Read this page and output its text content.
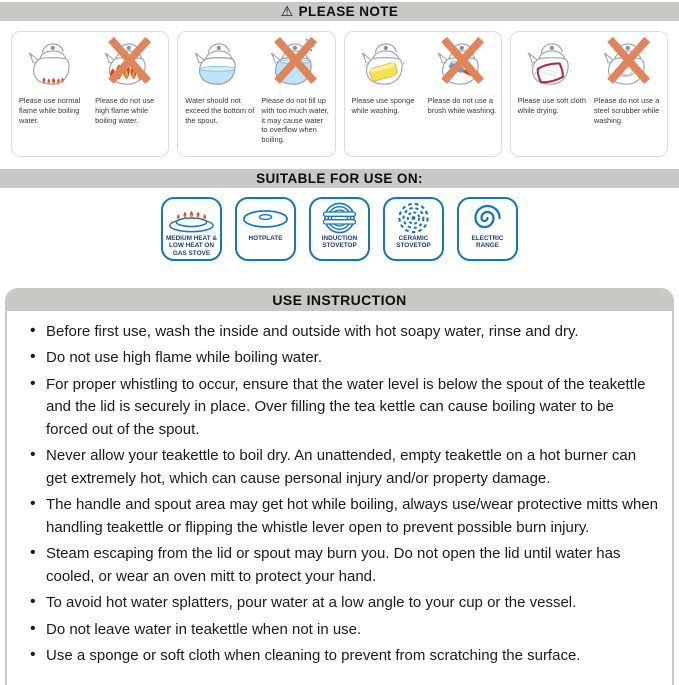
⚠ PLEASE NOTE

Please use normal flame while boiling water.

Please do not use high flame while boiling water.

Water should not exceed the bottom of the spout.

Please do not fill up with too much water, it may cause water to overflow when boiling.

Please use sponge while washing.

Please do not use a brush while washing.

Please use soft cloth while drying.

Please do not use a steel scrubber while washing.

SUITABLE FOR USE ON:
MEDIUM HEAT & LOW HEAT ON GAS STOVE
HOTPLATE	INDUCTION STOVETOP
CERAMIC STOVETOP
ELECTRIC RANGE
USE INSTRUCTION
• Before first use, wash the inside and outside with hot soapy water, rinse and dry.
• Do not use high flame while boiling water.
• For proper whistling to occur, ensure that the water level is below the spout of the teakettle and the lid is securely in place. Over filling the tea kettle can cause boiling water to be forced out of the spout.
• Never allow your teakettle to boil dry. An unattended, empty teakettle on a hot burner can get extremely hot, which can cause personal injury and/or property damage.
• The handle and spout area may get hot while boiling, always use/wear protective mitts when handling teakettle or flipping the whistle lever open to prevent possible burn injury.
• Steam escaping from the lid or spout may burn you. Do not open the lid until water has cooled, or wear an oven mitt to protect your hand.
• To avoid hot water splatters, pour water at a low angle to your cup or the vessel.
• Do not leave water in teakettle when not in use.
• Use a sponge or soft cloth when cleaning to prevent from scratching the surface.
